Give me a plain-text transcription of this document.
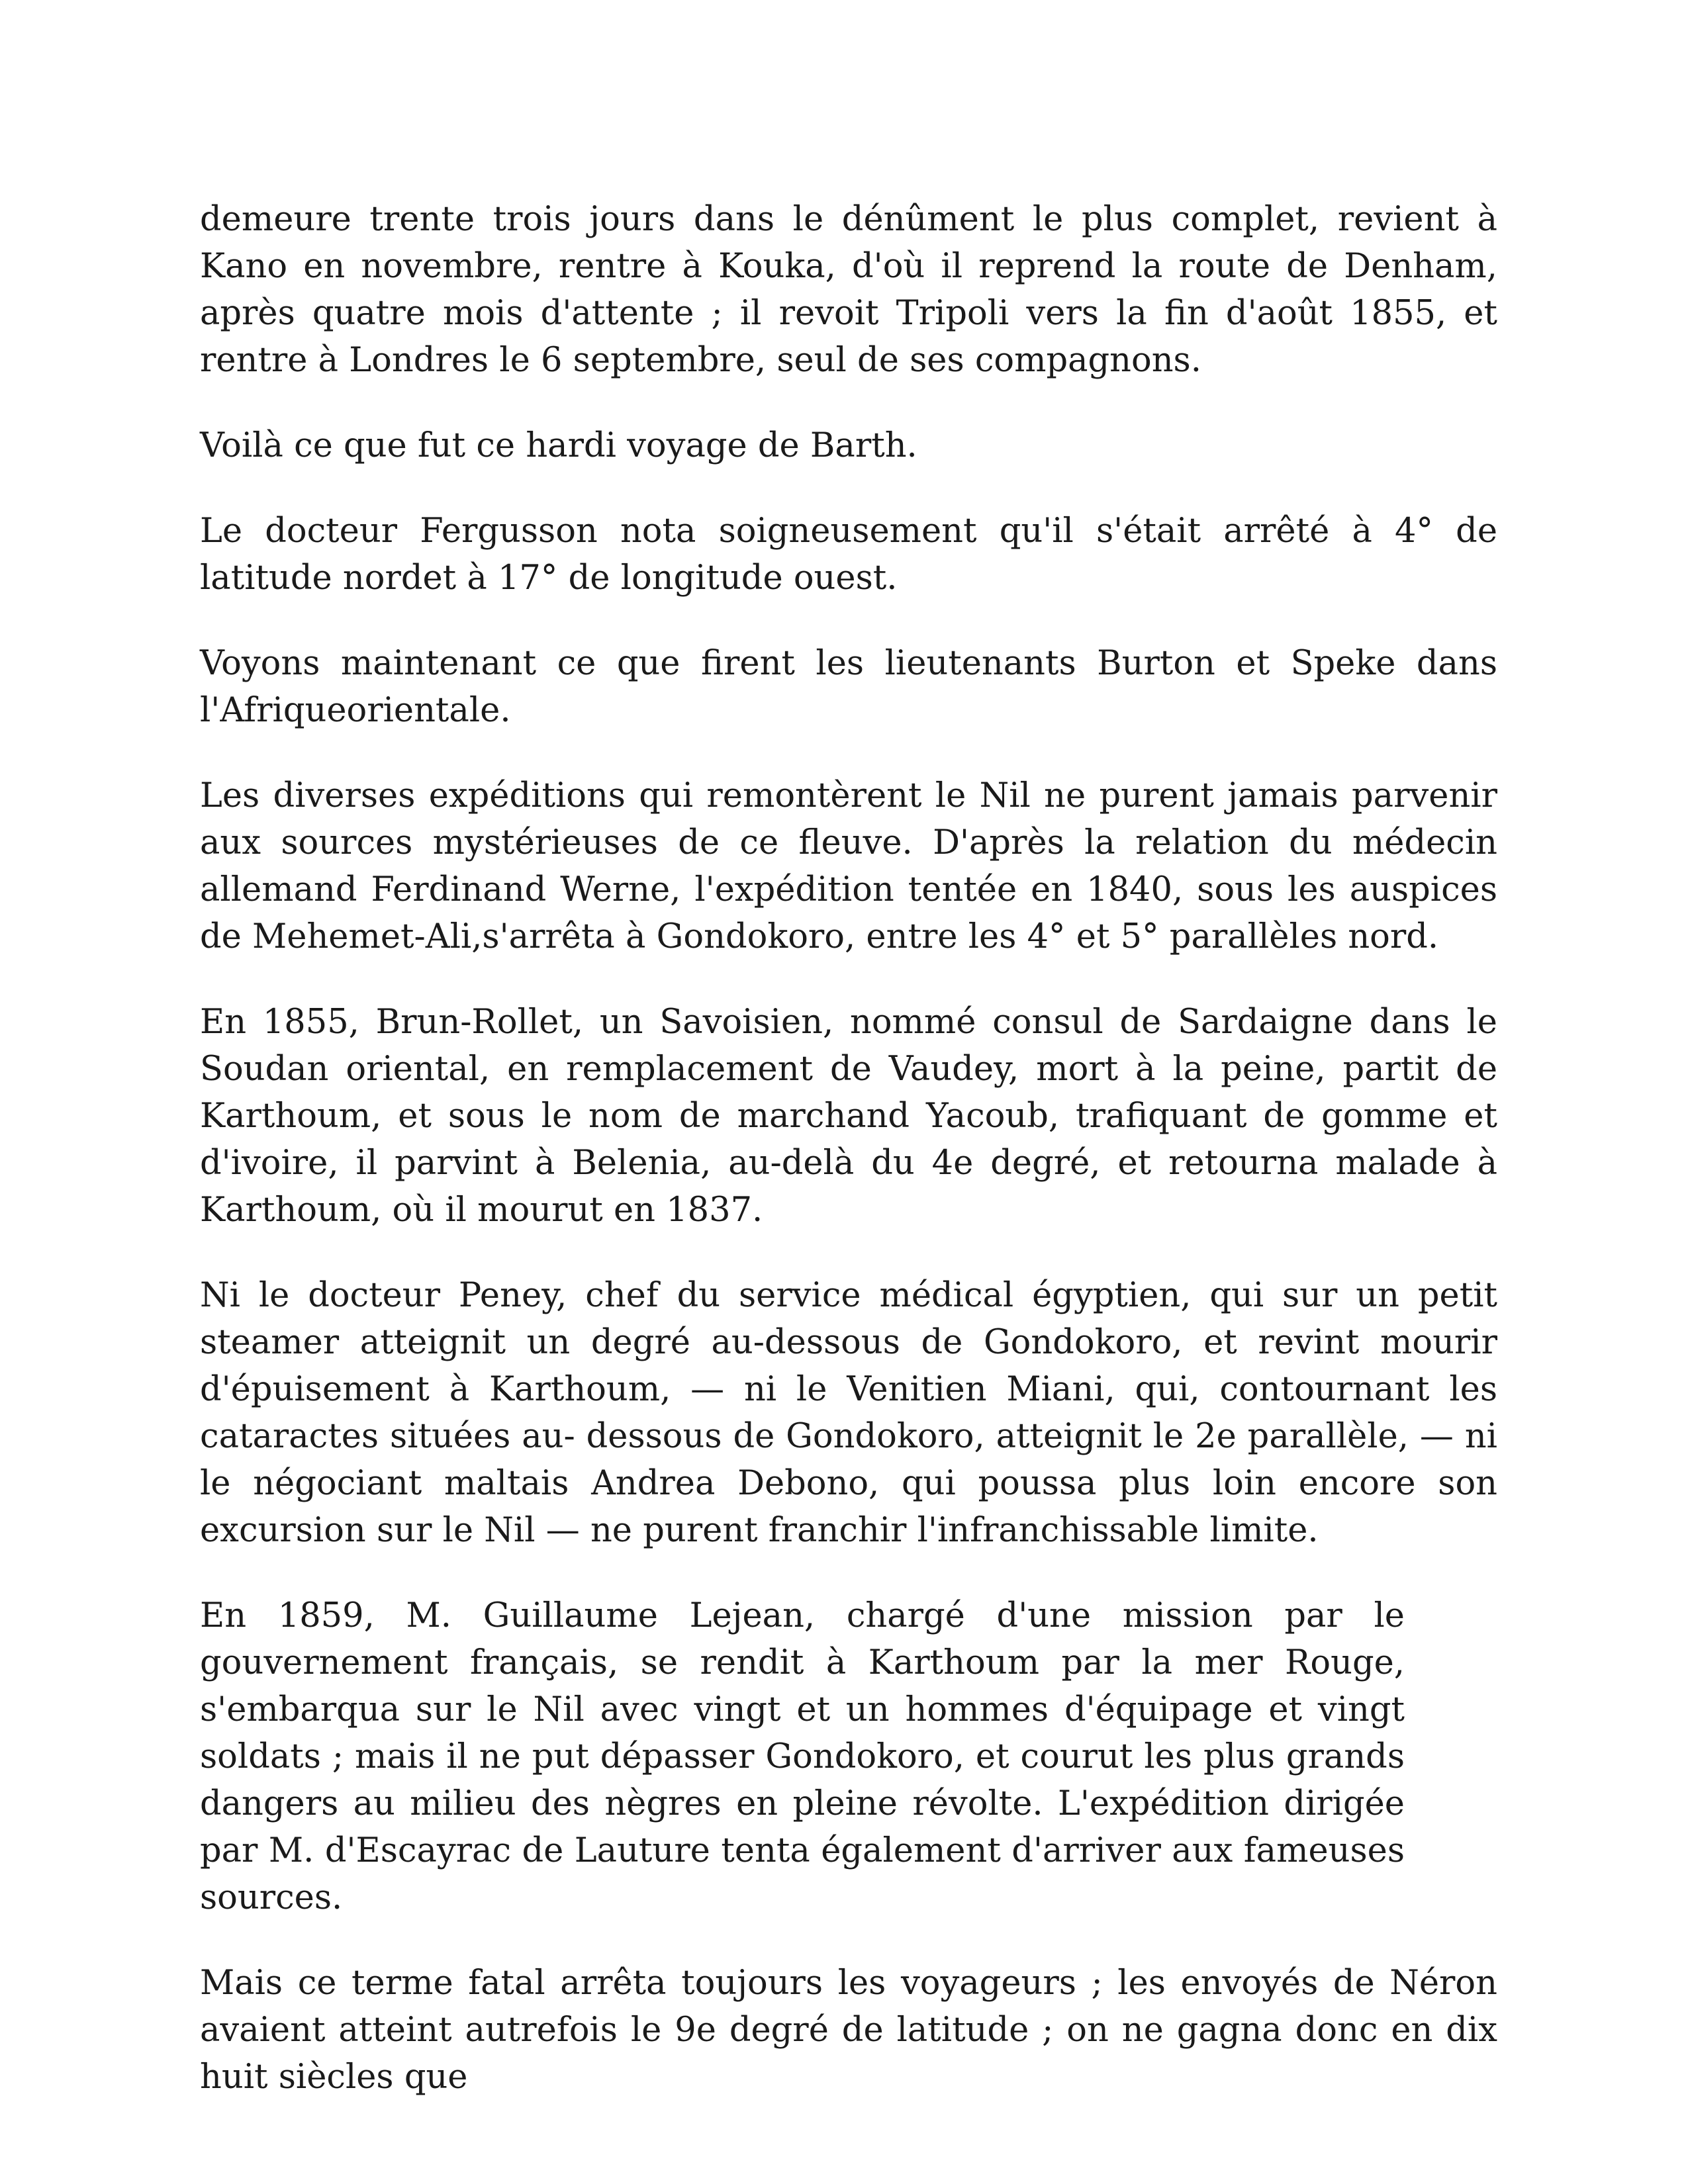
demeure trente trois jours dans le dénûment le plus complet, revient à Kano en novembre, rentre à Kouka, d'où il reprend la route de Denham, après quatre mois d'attente ; il revoit Tripoli vers la fin d'août 1855, et rentre à Londres le 6 septembre, seul de ses compagnons.

Voilà ce que fut ce hardi voyage de Barth.

Le docteur Fergusson nota soigneusement qu'il s'était arrêté à 4° de latitude nordet à 17° de longitude ouest.

Voyons maintenant ce que firent les lieutenants Burton et Speke dans l'Afriqueorientale.

Les diverses expéditions qui remontèrent le Nil ne purent jamais parvenir aux sources mystérieuses de ce fleuve. D'après la relation du médecin allemand Ferdinand Werne, l'expédition tentée en 1840, sous les auspices de Mehemet-Ali,s'arrêta à Gondokoro, entre les 4° et 5° parallèles nord.

En 1855, Brun-Rollet, un Savoisien, nommé consul de Sardaigne dans le Soudan oriental, en remplacement de Vaudey, mort à la peine, partit de Karthoum, et sous le nom de marchand Yacoub, trafiquant de gomme et d'ivoire, il parvint à Belenia, au-delà du 4e degré, et retourna malade à Karthoum, où il mourut en 1837.

Ni le docteur Peney, chef du service médical égyptien, qui sur un petit steamer atteignit un degré au-dessous de Gondokoro, et revint mourir d'épuisement à Karthoum, — ni le Venitien Miani, qui, contournant les cataractes situées au- dessous de Gondokoro, atteignit le 2e parallèle, — ni le négociant maltais Andrea Debono, qui poussa plus loin encore son excursion sur le Nil — ne purent franchir l'infranchissable limite.

En 1859, M. Guillaume Lejean, chargé d'une mission par le gouvernement français, se rendit à Karthoum par la mer Rouge, s'embarqua sur le Nil avec vingt et un hommes d'équipage et vingt soldats ; mais il ne put dépasser Gondokoro, et courut les plus grands dangers au milieu des nègres en pleine révolte. L'expédition dirigée par M. d'Escayrac de Lauture tenta également d'arriver aux fameuses sources.

Mais ce terme fatal arrêta toujours les voyageurs ; les envoyés de Néron avaient atteint autrefois le 9e degré de latitude ; on ne gagna donc en dix huit siècles que
